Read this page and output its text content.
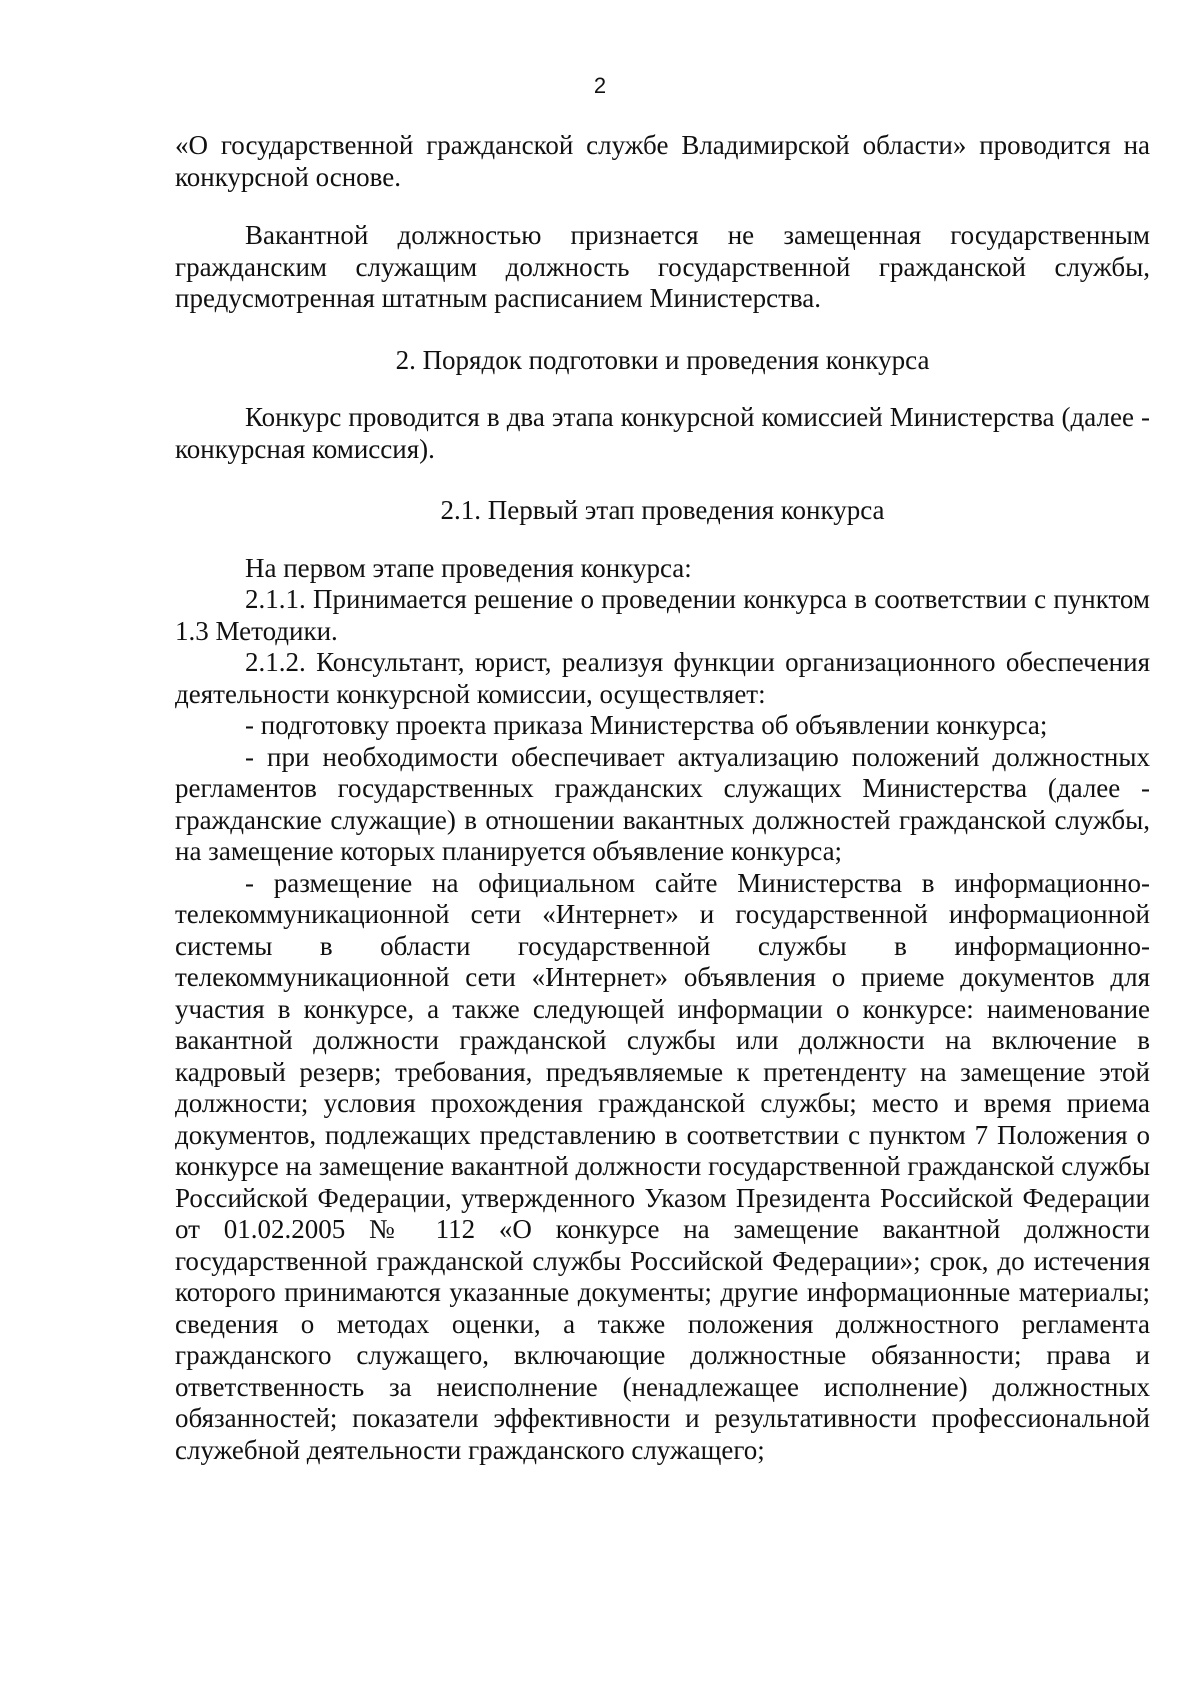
2

«О государственной гражданской службе Владимирской области» проводится на конкурсной основе.

Вакантной должностью признается не замещенная государственным гражданским служащим должность государственной гражданской службы, предусмотренная штатным расписанием Министерства.

2. Порядок подготовки и проведения конкурса

Конкурс проводится в два этапа конкурсной комиссией Министерства (далее - конкурсная комиссия).

2.1. Первый этап проведения конкурса

На первом этапе проведения конкурса:

2.1.1. Принимается решение о проведении конкурса в соответствии с пунктом 1.3 Методики.

2.1.2. Консультант, юрист, реализуя функции организационного обеспечения деятельности конкурсной комиссии, осуществляет:

- подготовку проекта приказа Министерства об объявлении конкурса;

- при необходимости обеспечивает актуализацию положений должностных регламентов государственных гражданских служащих Министерства (далее - гражданские служащие) в отношении вакантных должностей гражданской службы, на замещение которых планируется объявление конкурса;

- размещение на официальном сайте Министерства в информационно-телекоммуникационной сети «Интернет» и государственной информационной системы в области государственной службы в информационно-телекоммуникационной сети «Интернет» объявления о приеме документов для участия в конкурсе, а также следующей информации о конкурсе: наименование вакантной должности гражданской службы или должности на включение в кадровый резерв; требования, предъявляемые к претенденту на замещение этой должности; условия прохождения гражданской службы; место и время приема документов, подлежащих представлению в соответствии с пунктом 7 Положения о конкурсе на замещение вакантной должности государственной гражданской службы Российской Федерации, утвержденного Указом Президента Российской Федерации от 01.02.2005 № 112 «О конкурсе на замещение вакантной должности государственной гражданской службы Российской Федерации»; срок, до истечения которого принимаются указанные документы; другие информационные материалы; сведения о методах оценки, а также положения должностного регламента гражданского служащего, включающие должностные обязанности; права и ответственность за неисполнение (ненадлежащее исполнение) должностных обязанностей; показатели эффективности и результативности профессиональной служебной деятельности гражданского служащего;
